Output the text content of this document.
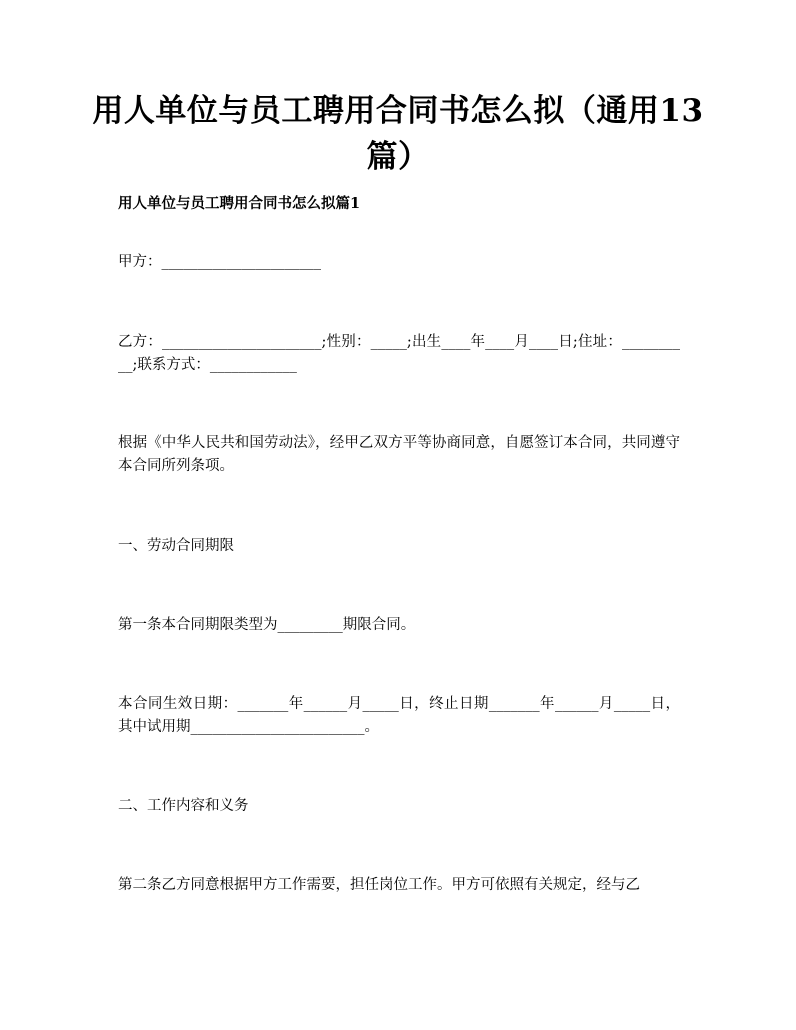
用人单位与员工聘用合同书怎么拟（通用13篇）
用人单位与员工聘用合同书怎么拟篇1
甲方：______________________
乙方：______________________;性别：_____;出生____年____月____日;住址：__________;联系方式：____________
根据《中华人民共和国劳动法》，经甲乙双方平等协商同意，自愿签订本合同，共同遵守本合同所列条项。
一、劳动合同期限
第一条本合同期限类型为_________期限合同。
本合同生效日期：_______年______月_____日，终止日期_______年______月_____日，其中试用期________________________。
二、工作内容和义务
第二条乙方同意根据甲方工作需要，担任岗位工作。甲方可依照有关规定，经与乙
